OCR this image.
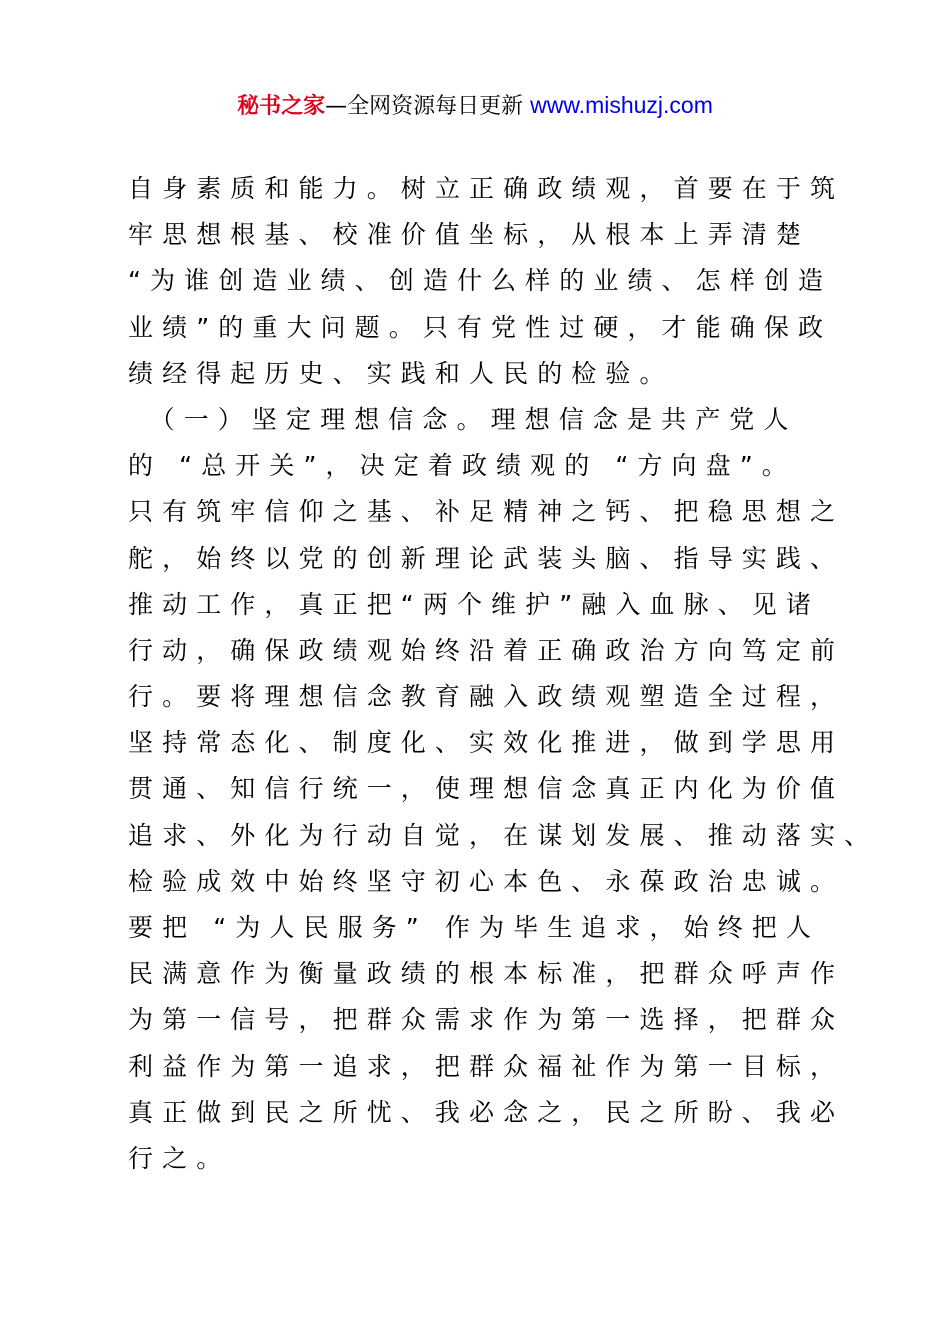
秘书之家—全网资源每日更新 www.mishuzj.com
自身素质和能力。树立正确政绩观，首要在于筑
牢思想根基、校准价值坐标，从根本上弄清楚
“为谁创造业绩、创造什么样的业绩、怎样创造
业绩”的重大问题。只有党性过硬，才能确保政
绩经得起历史、实践和人民的检验。
　（一）坚定理想信念。理想信念是共产党人
的 “总开关”，决定着政绩观的 “方向盘”。
只有筑牢信仰之基、补足精神之钙、把稳思想之
舵，始终以党的创新理论武装头脑、指导实践、
推动工作，真正把“两个维护”融入血脉、见诸
行动，确保政绩观始终沿着正确政治方向笃定前
行。要将理想信念教育融入政绩观塑造全过程，
坚持常态化、制度化、实效化推进，做到学思用
贯通、知信行统一，使理想信念真正内化为价值
追求、外化为行动自觉，在谋划发展、推动落实、
检验成效中始终坚守初心本色、永葆政治忠诚。
要把 “为人民服务” 作为毕生追求，始终把人
民满意作为衡量政绩的根本标准，把群众呼声作
为第一信号，把群众需求作为第一选择，把群众
利益作为第一追求，把群众福祉作为第一目标，
真正做到民之所忧、我必念之，民之所盼、我必
行之。
